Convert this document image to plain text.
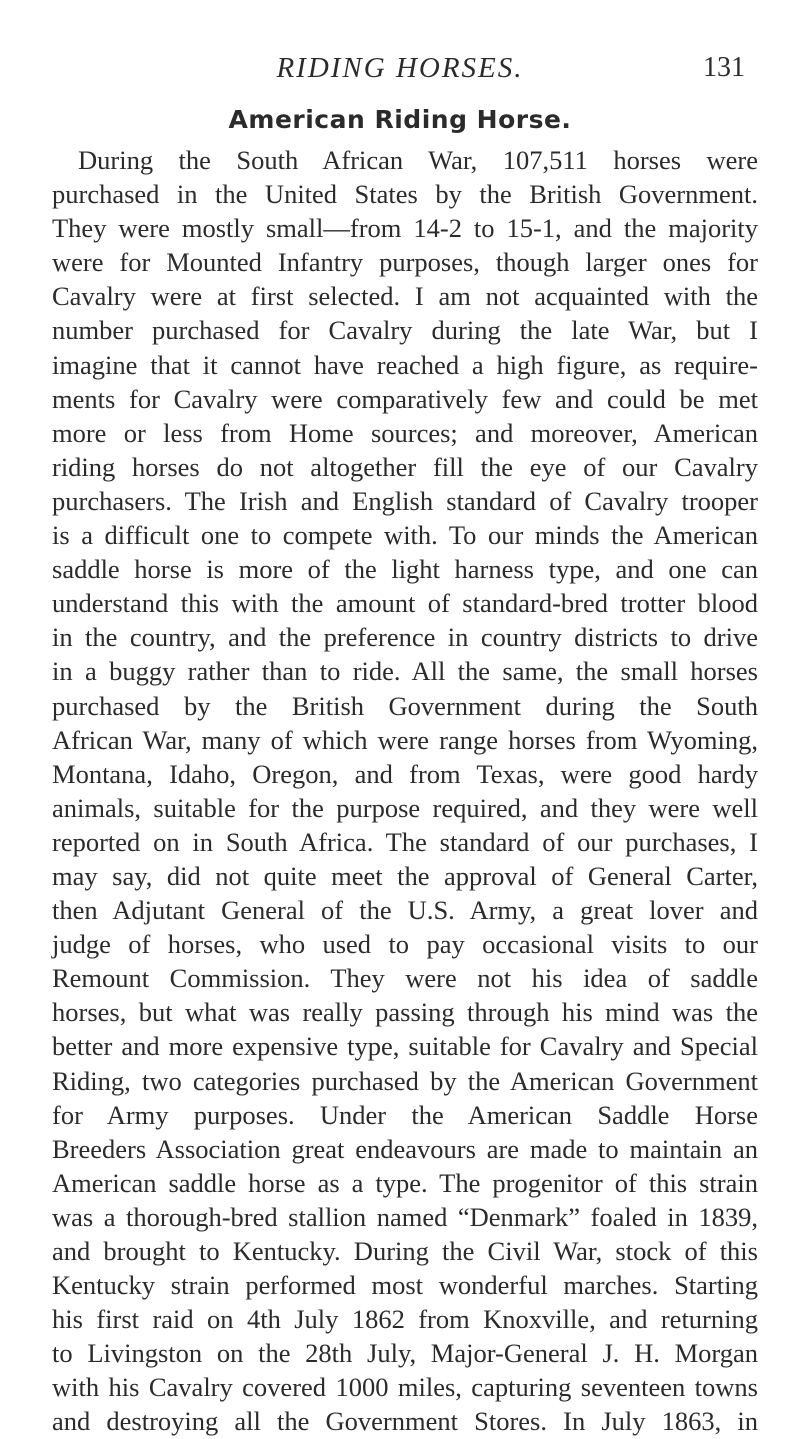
RIDING HORSES.	131
American Riding Horse.
During the South African War, 107,511 horses were
purchased in the United States by the British Government.
They were mostly small—from 14-2 to 15-1, and the majority
were for Mounted Infantry purposes, though larger ones for
Cavalry were at first selected. I am not acquainted with the
number purchased for Cavalry during the late War, but I
imagine that it cannot have reached a high figure, as require-
ments for Cavalry were comparatively few and could be met
more or less from Home sources; and moreover, American
riding horses do not altogether fill the eye of our Cavalry
purchasers. The Irish and English standard of Cavalry trooper
is a difficult one to compete with. To our minds the American
saddle horse is more of the light harness type, and one can
understand this with the amount of standard-bred trotter blood
in the country, and the preference in country districts to drive
in a buggy rather than to ride. All the same, the small horses
purchased by the British Government during the South
African War, many of which were range horses from Wyoming,
Montana, Idaho, Oregon, and from Texas, were good hardy
animals, suitable for the purpose required, and they were well
reported on in South Africa. The standard of our purchases, I
may say, did not quite meet the approval of General Carter,
then Adjutant General of the U.S. Army, a great lover and
judge of horses, who used to pay occasional visits to our
Remount Commission. They were not his idea of saddle
horses, but what was really passing through his mind was the
better and more expensive type, suitable for Cavalry and Special
Riding, two categories purchased by the American Government
for Army purposes. Under the American Saddle Horse
Breeders Association great endeavours are made to maintain an
American saddle horse as a type. The progenitor of this strain
was a thorough-bred stallion named “Denmark” foaled in 1839,
and brought to Kentucky. During the Civil War, stock of this
Kentucky strain performed most wonderful marches. Starting
his first raid on 4th July 1862 from Knoxville, and returning
to Livingston on the 28th July, Major-General J. H. Morgan
with his Cavalry covered 1000 miles, capturing seventeen towns
and destroying all the Government Stores. In July 1863, in
